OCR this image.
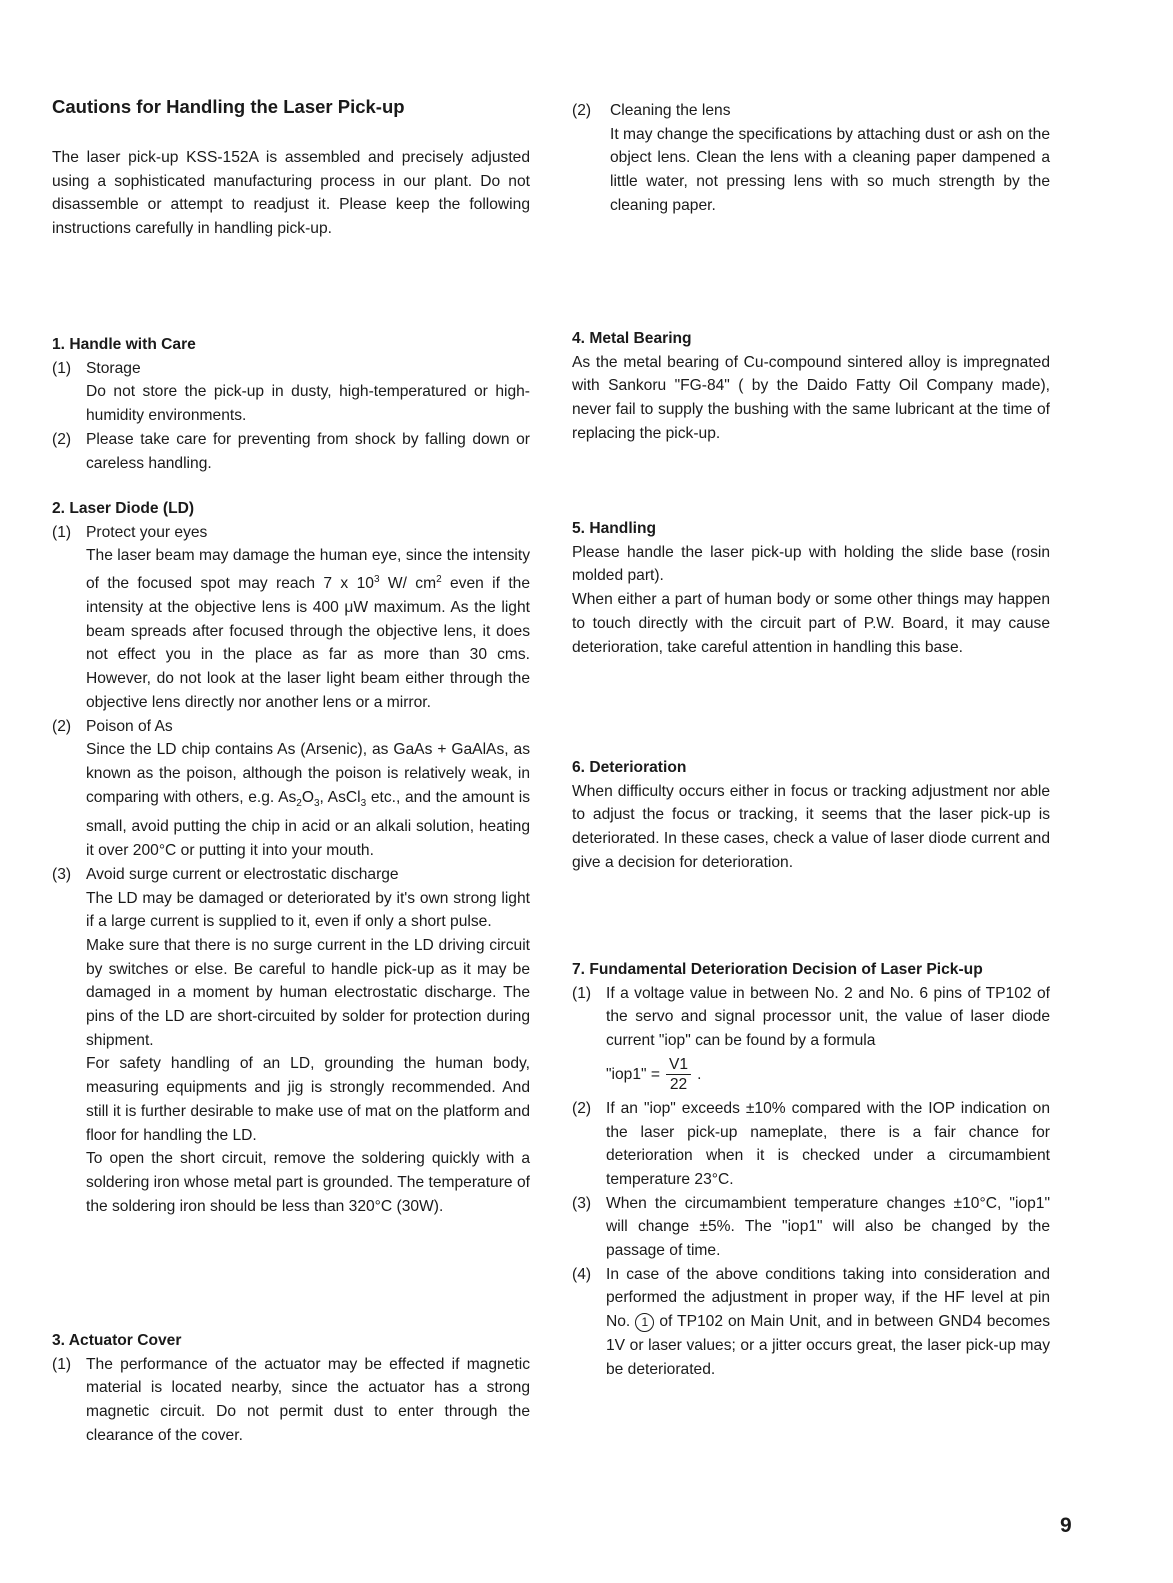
Cautions for Handling the Laser Pick-up

The laser pick-up KSS-152A is assembled and precisely adjusted using a sophisticated manufacturing process in our plant. Do not disassemble or attempt to readjust it. Please keep the following instructions carefully in handling pick-up.

1. Handle with Care

(1) Storage

Do not store the pick-up in dusty, high-temperatured or high-humidity environments.

(2) Please take care for preventing from shock by falling down or careless handling.

2. Laser Diode (LD)

(1) Protect your eyes

The laser beam may damage the human eye, since the intensity of the focused spot may reach 7 x $10^3$ W/ $cm^2$ even if the intensity at the objective lens is 400 μW maximum. As the light beam spreads after focused through the objective lens, it does not effect you in the place as far as more than 30 cms. However, do not look at the laser light beam either through the objective lens directly nor another lens or a mirror.

(2) Poison of As

Since the LD chip contains As (Arsenic), as GaAs + GaAlAs, as known as the poison, although the poison is relatively weak, in comparing with others, e.g. $As_2O_3$, AsCl$_3$ etc., and the amount is small, avoid putting the chip in acid or an alkali solution, heating it over 200°C or putting it into your mouth.

(3) Avoid surge current or electrostatic discharge

The LD may be damaged or deteriorated by it's own strong light if a large current is supplied to it, even if only a short pulse.

Make sure that there is no surge current in the LD driving circuit by switches or else. Be careful to handle pick-up as it may be damaged in a moment by human electrostatic discharge. The pins of the LD are short-circuited by solder for protection during shipment.

For safety handling of an LD, grounding the human body, measuring equipments and jig is strongly recommended. And still it is further desirable to make use of mat on the platform and floor for handling the LD.

To open the short circuit, remove the soldering quickly with a soldering iron whose metal part is grounded. The temperature of the soldering iron should be less than 320°C (30W).

3. Actuator Cover

(1) The performance of the actuator may be effected if magnetic material is located nearby, since the actuator has a strong magnetic circuit. Do not permit dust to enter through the clearance of the cover.

(2)	Cleaning the lens

It may change the specifications by attaching dust or ash on the object lens. Clean the lens with a cleaning paper dampened a little water, not pressing lens with so much strength by the cleaning paper.

4. Metal Bearing

As the metal bearing of Cu-compound sintered alloy is impregnated with Sankoru "FG-84" ( by the Daido Fatty Oil Company made), never fail to supply the bushing with the same lubricant at the time of replacing the pick-up.

5. Handling

Please handle the laser pick-up with holding the slide base (rosin molded part).

When either a part of human body or some other things may happen to touch directly with the circuit part of P.W. Board, it may cause deterioration, take careful attention in handling this base.

6. Deterioration

When difficulty occurs either in focus or tracking adjustment nor able to adjust the focus or tracking, it seems that the laser pick-up is deteriorated. In these cases, check a value of laser diode current and give a decision for deterioration.

7. Fundamental Deterioration Decision of Laser Pick-up

(1) If a voltage value in between No. 2 and No. 6 pins of TP102 of the servo and signal processor unit, the value of laser diode current "iop" can be found by a formula

"iop1" = $\frac{V1}{22}$ .
(2) If an "iop" exceeds ±10% compared with the IOP indication on the laser pick-up nameplate, there is a fair chance for deterioration when it is checked under a circumambient temperature 23°C.

(3) When the circumambient temperature changes ±10°C, "iop1" will change ±5%. The "iop1" will also be changed by the passage of time.

(4) In case of the above conditions taking into consideration and performed the adjustment in proper way, if the HF level at pin No. 1 of TP102 on Main Unit, and in between GND4 becomes 1V or laser values; or a jitter occurs great, the laser pick-up may be deteriorated.

9
